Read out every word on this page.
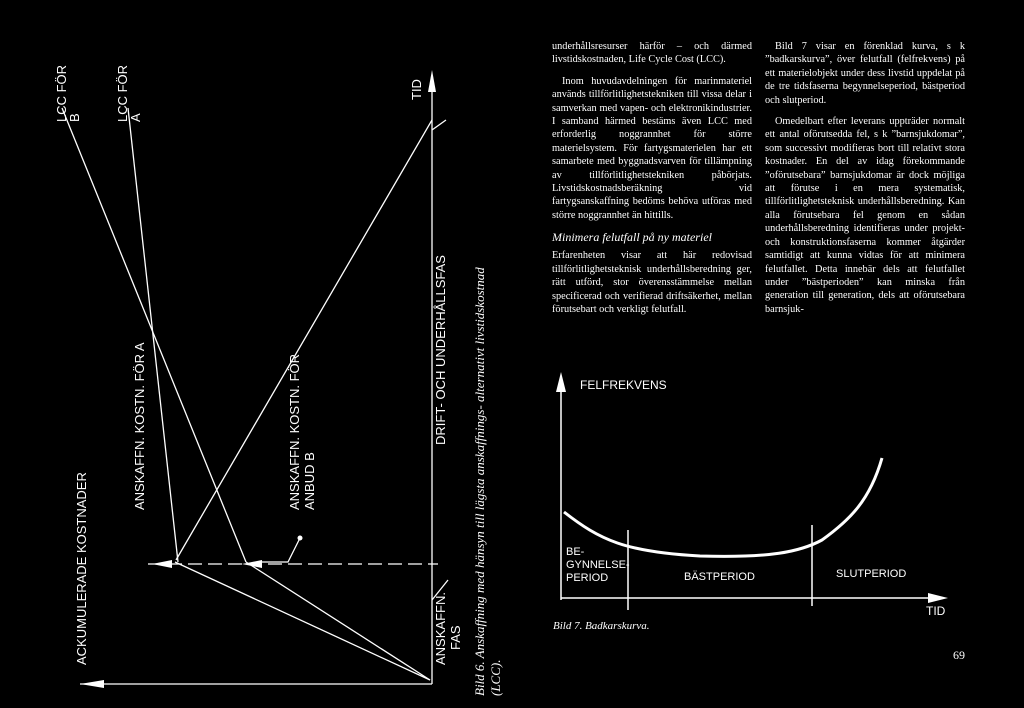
LCC FÖR B	LCC FÖR A
TID
DRIFT- OCH UNDERHÅLLSFAS
ANSKAFFN. KOSTN. FÖR A	ANSKAFFN. KOSTN. FÖR ANBUD B
ACKUMULERADE KOSTNADER	ANSKAFFN. FAS Bild 6. Anskaffning med hänsyn till lägsta anskaffnings- alternativt livstidskostnad (LCC).

underhållsresurser härför – och därmed livstidskostnaden, Life Cycle Cost (LCC).

Inom huvudavdelningen för marinmateriel används tillförlitlighetstekniken till vissa delar i samverkan med vapen- och elektronikindustrier. I samband härmed bestäms även LCC med erforderlig noggrannhet för större materielsystem. För fartygsmaterielen har ett samarbete med byggnadsvarven för tillämpning av tillförlitlighetstekniken påbörjats. Livstidskostnadsberäkning vid fartygsanskaffning bedöms behöva utföras med större noggrannhet än hittills.

Minimera felutfall på ny materiel

Erfarenheten visar att här redovisad tillförlitlighetsteknisk underhållsberedning ger, rätt utförd, stor överensstämmelse mellan specificerad och verifierad driftsäkerhet, mellan förutsebart och verkligt felutfall.

Bild 7 visar en förenklad kurva, s k ”badkarskurva”, över felutfall (felfrekvens) på ett materielobjekt under dess livstid uppdelat på de tre tidsfaserna begynnelseperiod, bästperiod och slutperiod.

Omedelbart efter leverans uppträder normalt ett antal oförutsedda fel, s k ”barnsjukdomar”, som successivt modifieras bort till relativt stora kostnader. En del av idag förekommande ”oförutsebara” barnsjukdomar är dock möjliga att förutse i en mera systematisk, tillförlitlighetsteknisk underhållsberedning. Kan alla förutsebara fel genom en sådan underhållsberedning identifieras under projekt- och konstruktionsfaserna kommer åtgärder samtidigt att kunna vidtas för att minimera felutfallet. Detta innebär dels att felutfallet under ”bästperioden” kan minska från generation till generation, dels att oförutsebara barnsjuk-

FELFREKVENS
BE-
GYNNELSE-
PERIOD	BÄSTPERIOD	SLUTPERIOD
TID
Bild 7. Badkarskurva.
69
